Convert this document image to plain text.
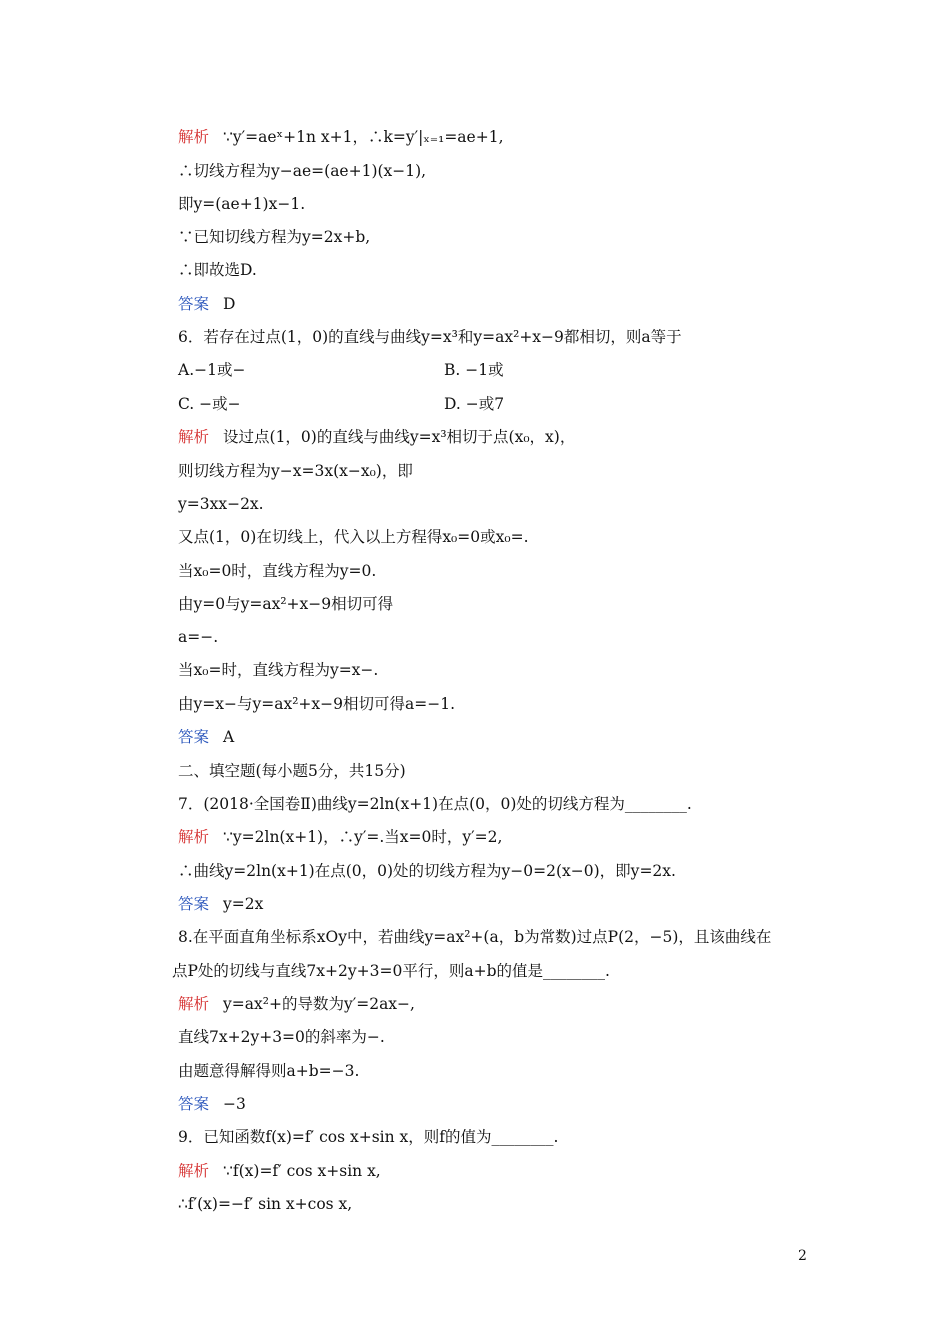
解析 ∵y′=aeˣ+1n x+1，∴k=y′|ₓ₌₁=ae+1,
∴切线方程为y−ae=(ae+1)(x−1),
即y=(ae+1)x−1.
∵已知切线方程为y=2x+b,
∴即故选D.
答案 D
6．若存在过点(1，0)的直线与曲线y=x³和y=ax²+x−9都相切，则a等于
B. −1或
A.−1或−
D. −或7
C. −或−
解析 设过点(1，0)的直线与曲线y=x³相切于点(x₀，x)，
则切线方程为y−x=3x(x−x₀)，即
y=3xx−2x.
又点(1，0)在切线上，代入以上方程得x₀=0或x₀=.
当x₀=0时，直线方程为y=0.
由y=0与y=ax²+x−9相切可得
a=−.
当x₀=时，直线方程为y=x−.
由y=x−与y=ax²+x−9相切可得a=−1.
答案 A
二、填空题(每小题5分，共15分)
7．(2018·全国卷Ⅱ)曲线y=2ln(x+1)在点(0，0)处的切线方程为________.
解析 ∵y=2ln(x+1)，∴y′=.当x=0时，y′=2,
∴曲线y=2ln(x+1)在点(0，0)处的切线方程为y−0=2(x−0)，即y=2x.
答案 y=2x
8.在平面直角坐标系xOy中，若曲线y=ax²+(a，b为常数)过点P(2，−5)，且该曲线在
点P处的切线与直线7x+2y+3=0平行，则a+b的值是________.
解析 y=ax²+的导数为y′=2ax−,
直线7x+2y+3=0的斜率为−.
由题意得解得则a+b=−3.
答案 −3
9．已知函数f(x)=f′ cos x+sin x，则f的值为________.
解析 ∵f(x)=f′ cos x+sin x,
∴f′(x)=−f′ sin x+cos x,
2
